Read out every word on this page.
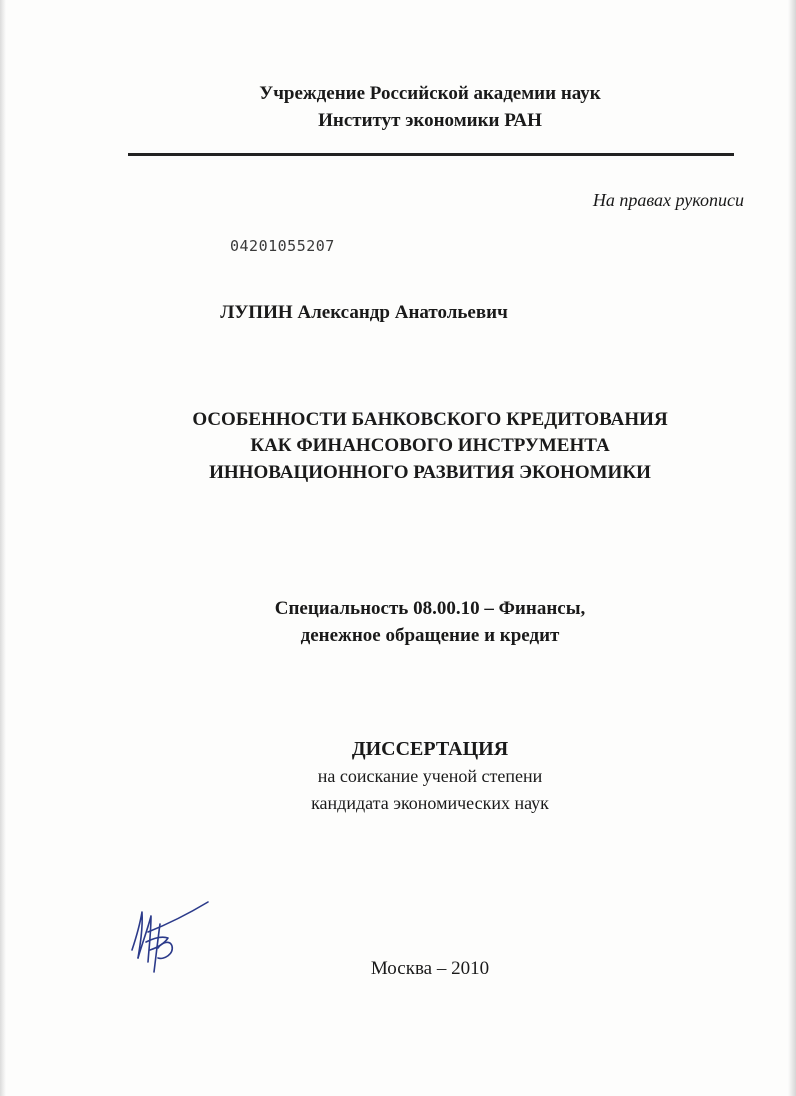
Учреждение Российской академии наук
Институт экономики РАН
На правах рукописи
04201055207
ЛУПИН Александр Анатольевич
ОСОБЕННОСТИ БАНКОВСКОГО КРЕДИТОВАНИЯ
КАК ФИНАНСОВОГО ИНСТРУМЕНТА
ИННОВАЦИОННОГО РАЗВИТИЯ ЭКОНОМИКИ
Специальность 08.00.10 – Финансы,
денежное обращение и кредит
ДИССЕРТАЦИЯ
на соискание ученой степени
кандидата экономических наук
Москва – 2010
